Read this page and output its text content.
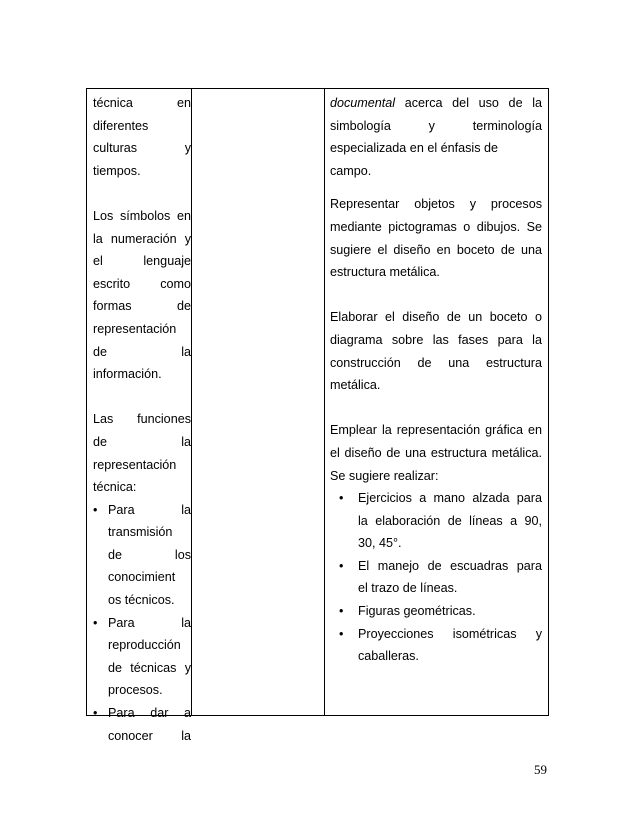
técnica en
diferentes
culturas y
tiempos.
Los símbolos en
la numeración y
el lenguaje
escrito como
formas de
representación
de la
información.
Las funciones
de la
representación
técnica:
• Para la
transmisión
de los
conocimient
os técnicos.
• Para la
reproducción
de técnicas y
procesos.
• Para dar a
conocer la
documental acerca del uso de la
simbología y terminología
especializada en el énfasis de campo.
Representar objetos y procesos
mediante pictogramas o dibujos. Se
sugiere el diseño en boceto de una
estructura metálica.
Elaborar el diseño de un boceto o
diagrama sobre las fases para la
construcción de una estructura
metálica.
Emplear la representación gráfica en
el diseño de una estructura metálica.
Se sugiere realizar:
• Ejercicios a mano alzada para
la elaboración de líneas a 90,
30, 45°.
• El manejo de escuadras para
el trazo de líneas.
• Figuras geométricas.
• Proyecciones isométricas y
caballeras.
59
